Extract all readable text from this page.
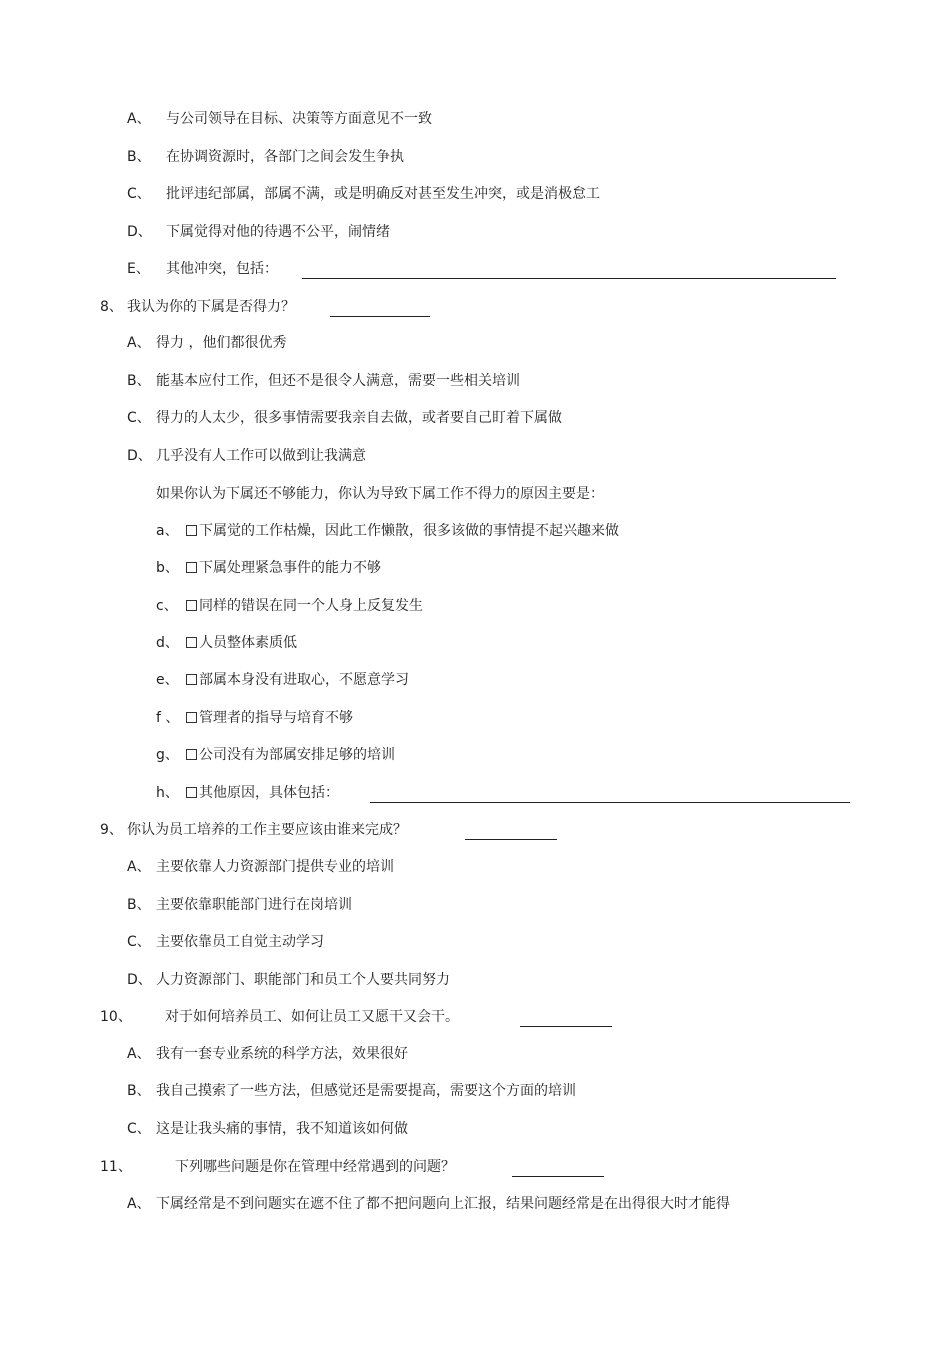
A、 与公司领导在目标、决策等方面意见不一致
B、 在协调资源时，各部门之间会发生争执
C、 批评违纪部属，部属不满，或是明确反对甚至发生冲突，或是消极怠工
D、 下属觉得对他的待遇不公平，闹情绪
E、 其他冲突，包括：
8、 我认为你的下属是否得力？
A、 得力 ，他们都很优秀
B、 能基本应付工作，但还不是很令人满意，需要一些相关培训
C、 得力的人太少，很多事情需要我亲自去做，或者要自己盯着下属做
D、 几乎没有人工作可以做到让我满意
如果你认为下属还不够能力，你认为导致下属工作不得力的原因主要是：
a、	下属觉的工作枯燥，因此工作懒散，很多该做的事情提不起兴趣来做
b、	下属处理紧急事件的能力不够
c、	同样的错误在同一个人身上反复发生
d、	人员整体素质低
e、	部属本身没有进取心，不愿意学习
f 、	管理者的指导与培育不够
g、	公司没有为部属安排足够的培训
h、	其他原因，具体包括：
9、 你认为员工培养的工作主要应该由谁来完成？
A、 主要依靠人力资源部门提供专业的培训
B、 主要依靠职能部门进行在岗培训
C、 主要依靠员工自觉主动学习
D、 人力资源部门、职能部门和员工个人要共同努力
10、 对于如何培养员工、如何让员工又愿干又会干。
A、 我有一套专业系统的科学方法，效果很好
B、 我自己摸索了一些方法，但感觉还是需要提高，需要这个方面的培训
C、 这是让我头痛的事情，我不知道该如何做
11、	下列哪些问题是你在管理中经常遇到的问题？
A、 下属经常是不到问题实在遮不住了都不把问题向上汇报，结果问题经常是在出得很大时才能得
